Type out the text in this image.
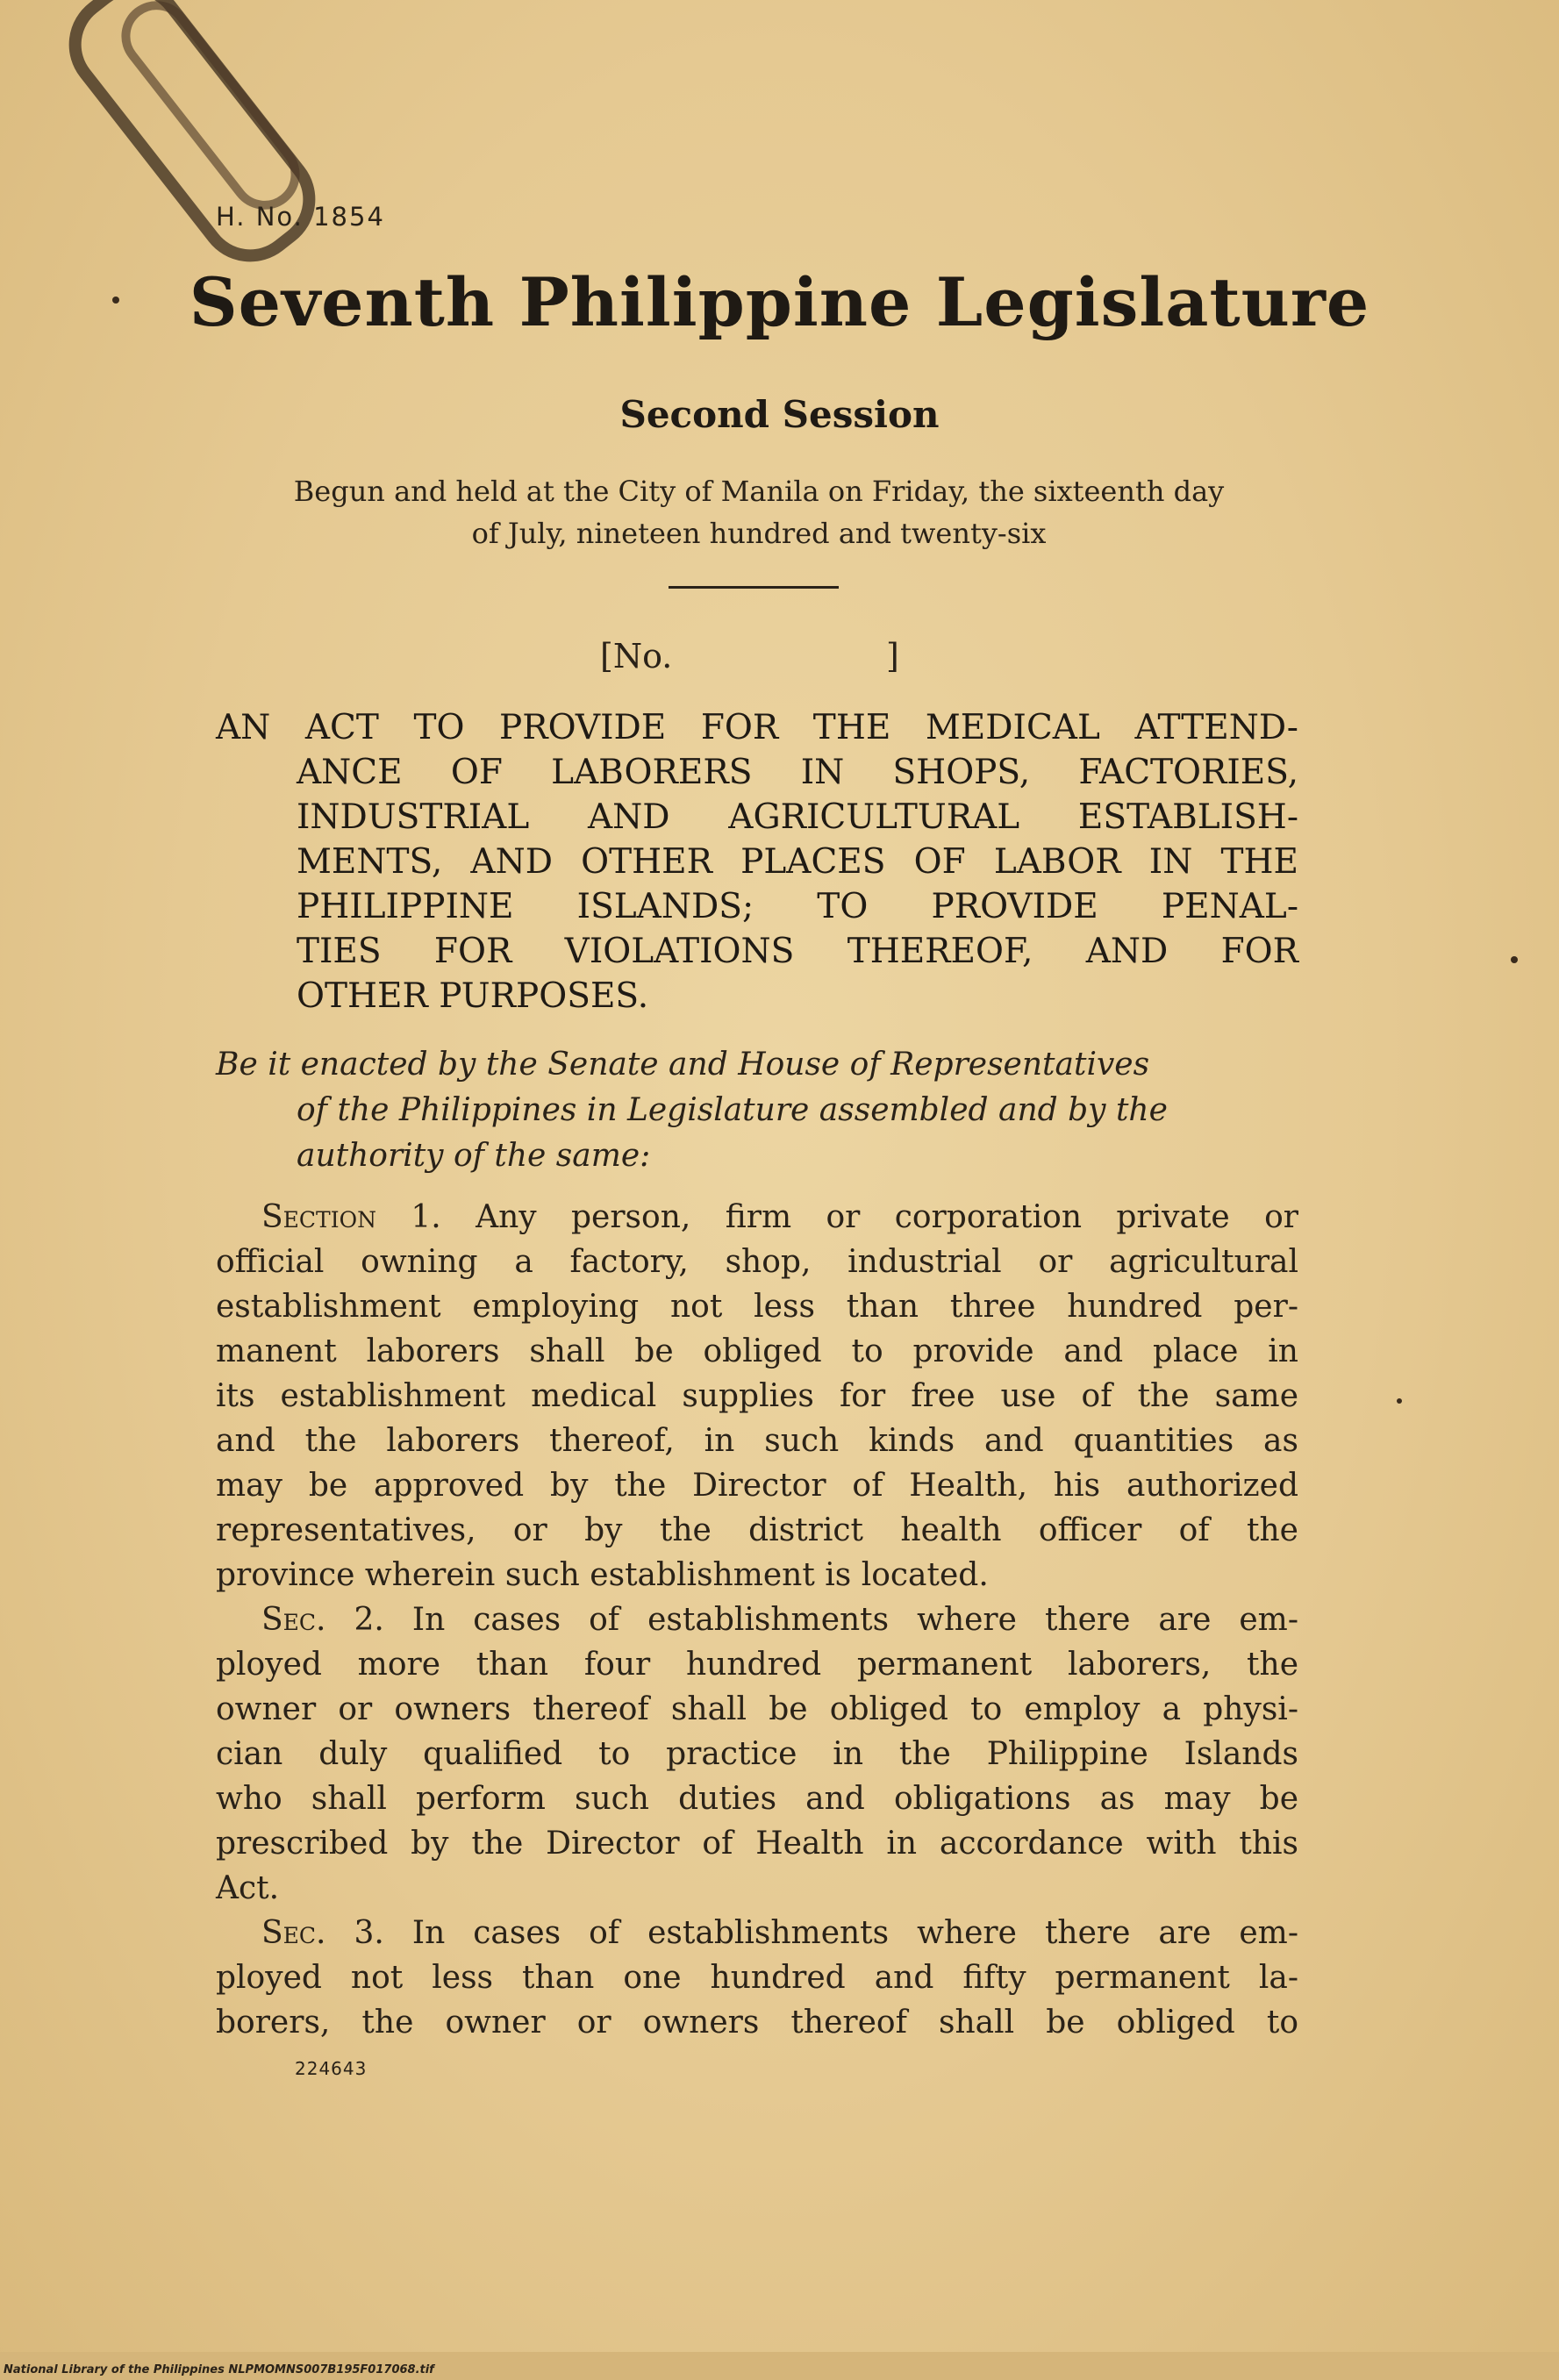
H. No. 1854
Seventh Philippine Legislature
Second Session
Begun and held at the City of Manila on Friday, the sixteenth day
of July, nineteen hundred and twenty-six
[No.	]
AN ACT TO PROVIDE FOR THE MEDICAL ATTEND-
ANCE OF LABORERS IN SHOPS, FACTORIES,
INDUSTRIAL AND AGRICULTURAL ESTABLISH-
MENTS, AND OTHER PLACES OF LABOR IN THE
PHILIPPINE ISLANDS; TO PROVIDE PENAL-
TIES FOR VIOLATIONS THEREOF, AND FOR
OTHER PURPOSES.
Be it enacted by the Senate and House of Representatives
of the Philippines in Legislature assembled and by the
authority of the same:
Section 1. Any person, firm or corporation private or
official owning a factory, shop, industrial or agricultural
establishment employing not less than three hundred per-
manent laborers shall be obliged to provide and place in
its establishment medical supplies for free use of the same
and the laborers thereof, in such kinds and quantities as
may be approved by the Director of Health, his authorized
representatives, or by the district health officer of the
province wherein such establishment is located.
Sec. 2. In cases of establishments where there are em-
ployed more than four hundred permanent laborers, the
owner or owners thereof shall be obliged to employ a physi-
cian duly qualified to practice in the Philippine Islands
who shall perform such duties and obligations as may be
prescribed by the Director of Health in accordance with this
Act.
Sec. 3. In cases of establishments where there are em-
ployed not less than one hundred and fifty permanent la-
borers, the owner or owners thereof shall be obliged to
224643
National Library of the Philippines NLPMOMNS007B195F017068.tif
